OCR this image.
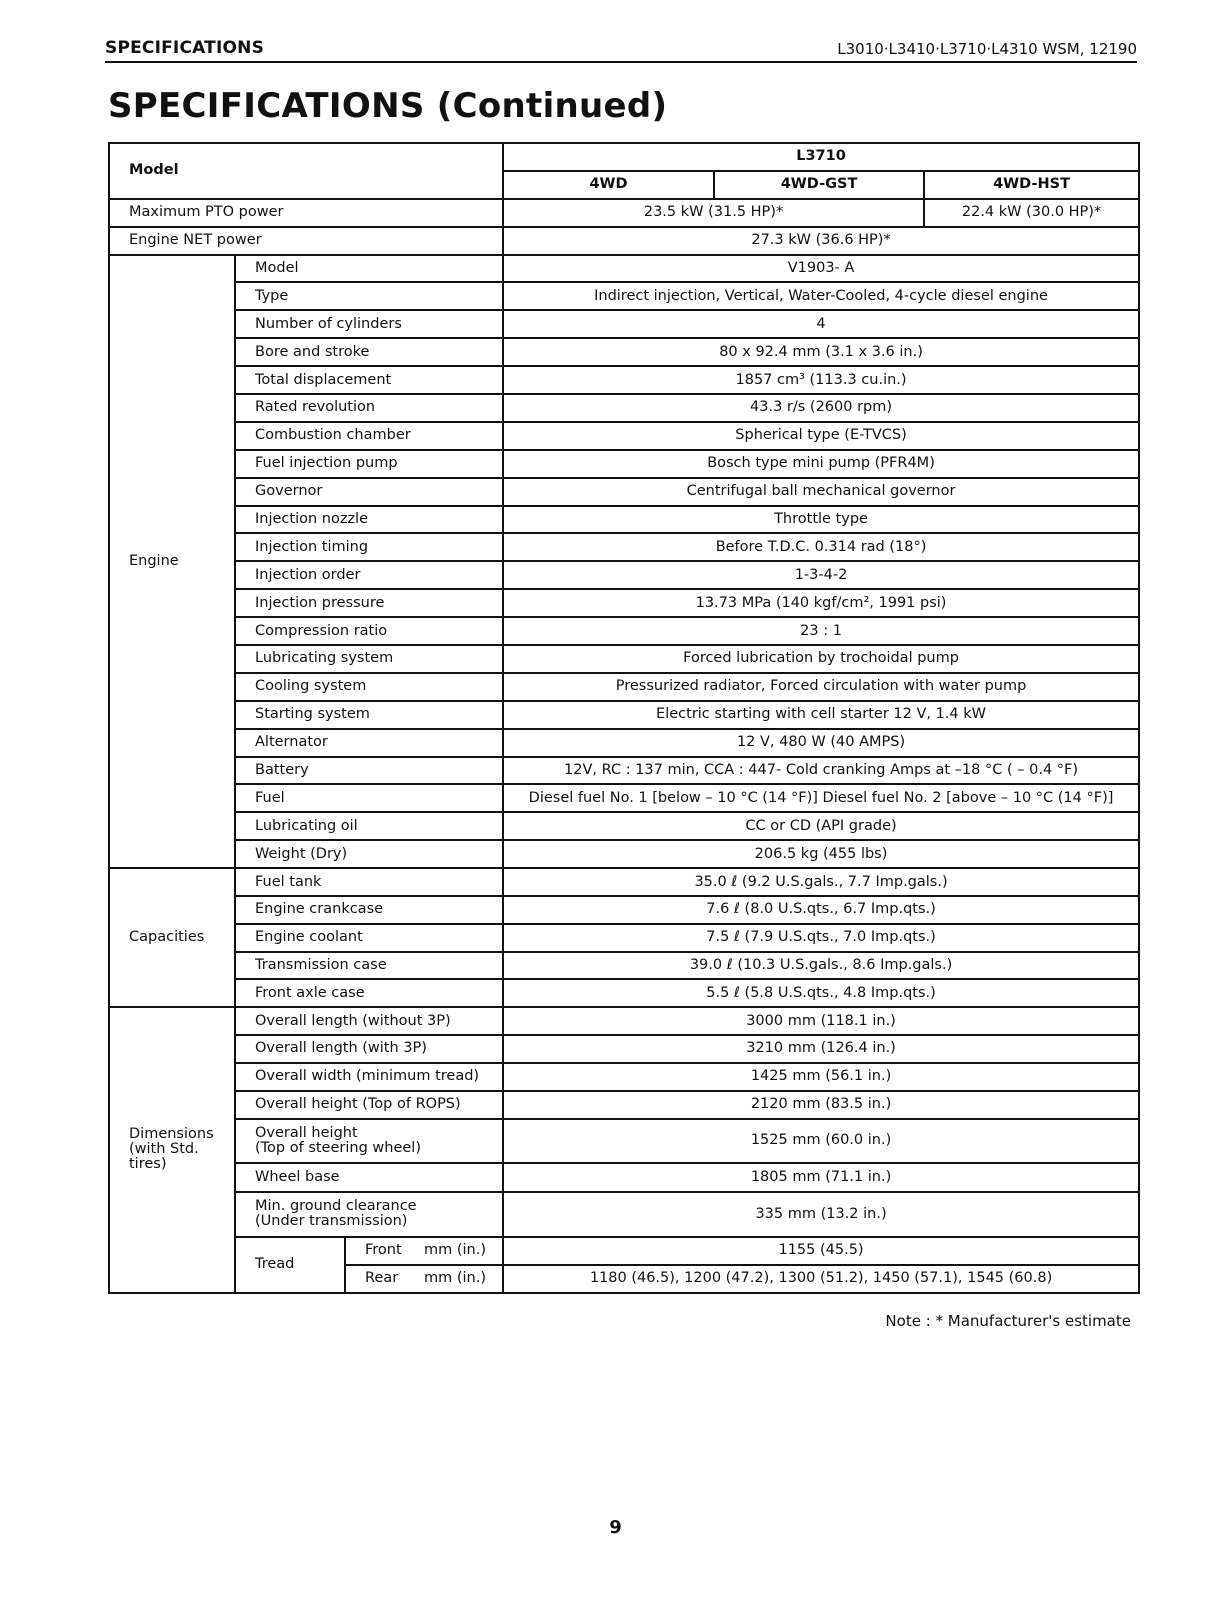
SPECIFICATIONS	L3010·L3410·L3710·L4310 WSM, 12190
SPECIFICATIONS (Continued)
Model			L3710		
			4WD	4WD-GST	4WD-HST
Maximum PTO power			23.5 kW (31.5 HP)*		22.4 kW (30.0 HP)*
Engine NET power			27.3 kW (36.6 HP)*		
Engine	Model		V1903- A		
	Type		Indirect injection, Vertical, Water-Cooled, 4-cycle diesel engine		
	Number of cylinders		4		
	Bore and stroke		80 x 92.4 mm (3.1 x 3.6 in.)		
	Total displacement		1857 cm³ (113.3 cu.in.)		
	Rated revolution		43.3 r/s (2600 rpm)		
	Combustion chamber		Spherical type (E-TVCS)		
	Fuel injection pump		Bosch type mini pump (PFR4M)		
	Governor		Centrifugal ball mechanical governor		
	Injection nozzle		Throttle type		
	Injection timing		Before T.D.C. 0.314 rad (18°)		
	Injection order		1-3-4-2		
	Injection pressure		13.73 MPa (140 kgf/cm², 1991 psi)		
	Compression ratio		23 : 1		
	Lubricating system		Forced lubrication by trochoidal pump		
	Cooling system		Pressurized radiator, Forced circulation with water pump		
	Starting system		Electric starting with cell starter 12 V, 1.4 kW		
	Alternator		12 V, 480 W (40 AMPS)		
	Battery		12V, RC : 137 min, CCA : 447- Cold cranking Amps at –18 °C ( – 0.4 °F)		
	Fuel		Diesel fuel No. 1 [below – 10 °C (14 °F)] Diesel fuel No. 2 [above – 10 °C (14 °F)]		
	Lubricating oil		CC or CD (API grade)		
	Weight (Dry)		206.5 kg (455 lbs)		
Capacities	Fuel tank		35.0 ℓ (9.2 U.S.gals., 7.7 Imp.gals.)		
	Engine crankcase		7.6 ℓ (8.0 U.S.qts., 6.7 Imp.qts.)		
	Engine coolant		7.5 ℓ (7.9 U.S.qts., 7.0 Imp.qts.)		
	Transmission case		39.0 ℓ (10.3 U.S.gals., 8.6 Imp.gals.)		
	Front axle case		5.5 ℓ (5.8 U.S.qts., 4.8 Imp.qts.)		

Dimensions
(with Std.
tires)	Overall length (without 3P)		3000 mm (118.1 in.)		
	Overall length (with 3P)		3210 mm (126.4 in.)		
	Overall width (minimum tread)		1425 mm (56.1 in.)		
	Overall height (Top of ROPS)		2120 mm (83.5 in.)		

	Overall height
(Top of steering wheel)		1525 mm (60.0 in.)		
	Wheel base		1805 mm (71.1 in.)		

	Min. ground clearance
(Under transmission)		335 mm (13.2 in.)		
	Tread	Front mm (in.)	1155 (45.5)		
		Rear mm (in.)	1180 (46.5), 1200 (47.2), 1300 (51.2), 1450 (57.1), 1545 (60.8)		
Note : * Manufacturer's estimate
9
